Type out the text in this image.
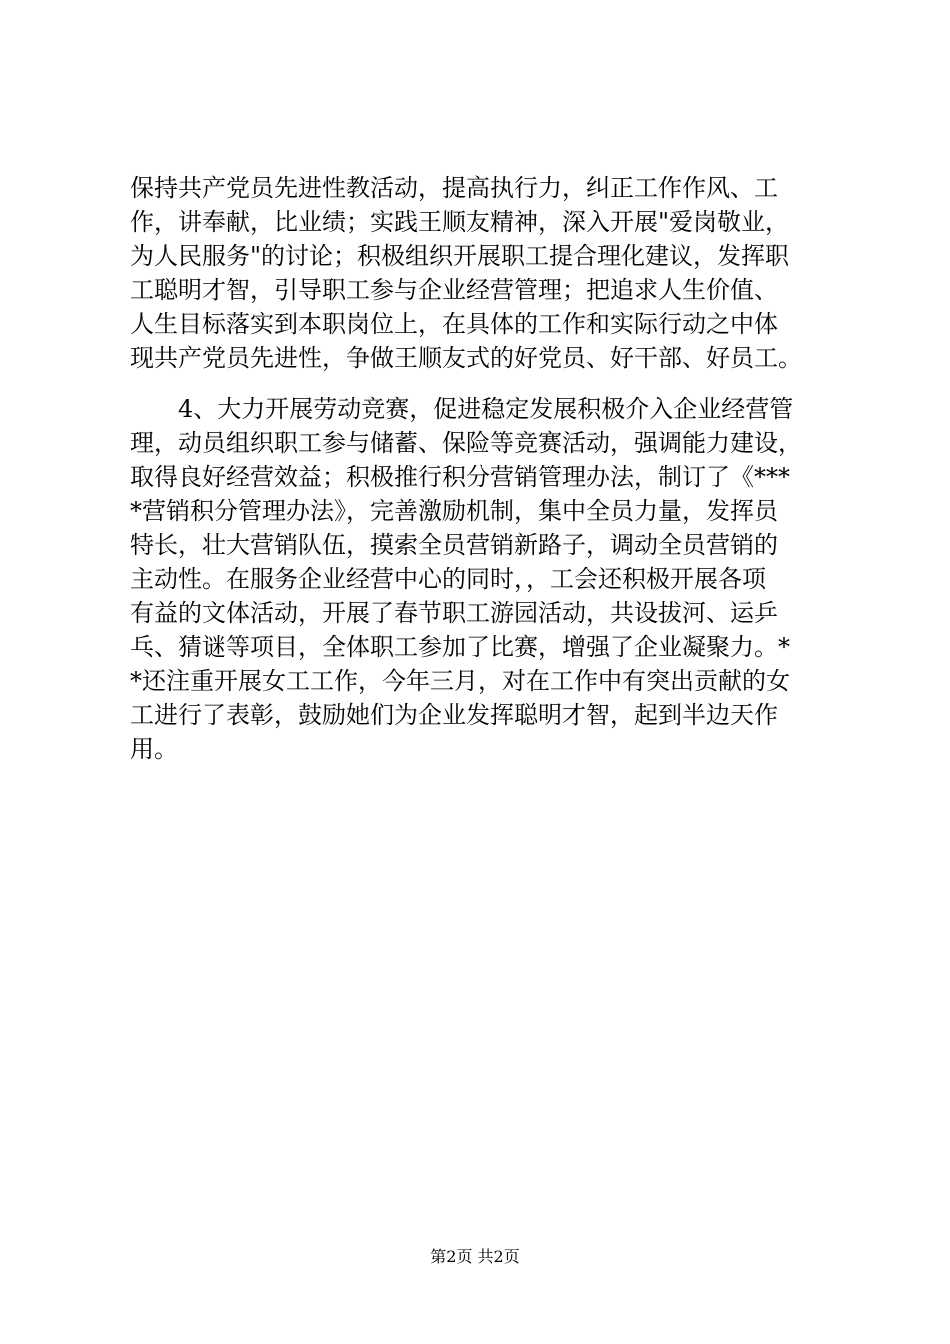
保持共产党员先进性教活动，提高执行力，纠正工作作风、工
作，讲奉献，比业绩；实践王顺友精神，深入开展"爱岗敬业，
为人民服务"的讨论；积极组织开展职工提合理化建议，发挥职
工聪明才智，引导职工参与企业经营管理；把追求人生价值、
人生目标落实到本职岗位上，在具体的工作和实际行动之中体
现共产党员先进性，争做王顺友式的好党员、好干部、好员工。
　　4、大力开展劳动竞赛，促进稳定发展积极介入企业经营管
理，动员组织职工参与储蓄、保险等竞赛活动，强调能力建设，
取得良好经营效益；积极推行积分营销管理办法，制订了《***
*营销积分管理办法》，完善激励机制，集中全员力量，发挥员
特长，壮大营销队伍，摸索全员营销新路子，调动全员营销的
主动性。在服务企业经营中心的同时，，工会还积极开展各项
有益的文体活动，开展了春节职工游园活动，共设拔河、运乒
乓、猜谜等项目，全体职工参加了比赛，增强了企业凝聚力。*
*还注重开展女工工作，今年三月，对在工作中有突出贡献的女
工进行了表彰，鼓励她们为企业发挥聪明才智，起到半边天作
用。
第2页 共2页
